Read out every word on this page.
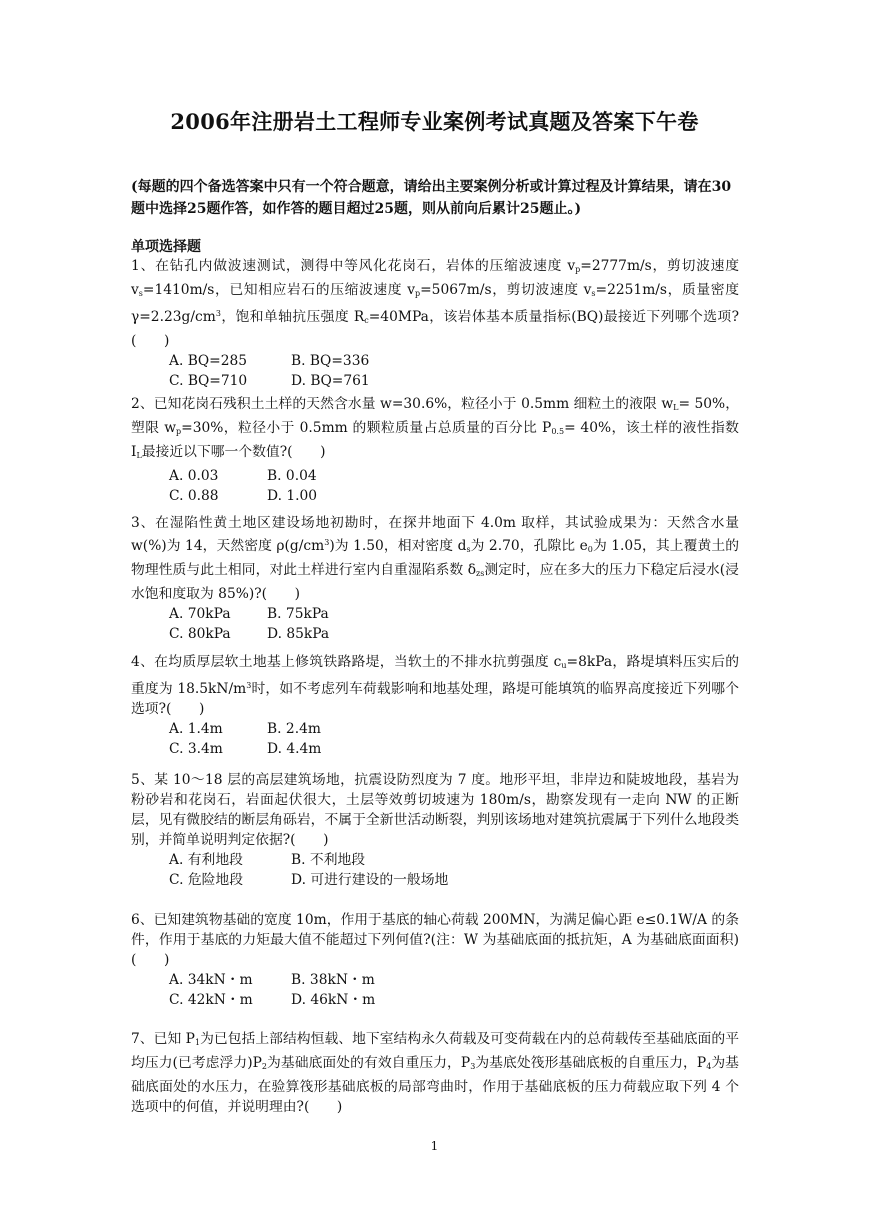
2006年注册岩土工程师专业案例考试真题及答案下午卷
(每题的四个备选答案中只有一个符合题意，请给出主要案例分析或计算过程及计算结果，请在30题中选择25题作答，如作答的题目超过25题，则从前向后累计25题止。)
单项选择题
1、在钻孔内做波速测试，测得中等风化花岗石，岩体的压缩波速度 $v_p=2777m/s$，剪切波速度 $v_s=1410m/s$，已知相应岩石的压缩波速度 $v_p=5067m/s$，剪切波速度 $v_s=2251m/s$，质量密度 $\gamma=2.23g/cm^3$，饱和单轴抗压强度 $R_c=40MPa$，该岩体基本质量指标(BQ)最接近下列哪个选项?(　　)
A. BQ=285	B. BQ=336
C. BQ=710	D. BQ=761
2、已知花岗石残积土土样的天然含水量 w=30.6%，粒径小于 0.5mm 细粒土的液限 $w_L= 50\%$，塑限 $w_p=30\%$，粒径小于 0.5mm 的颗粒质量占总质量的百分比 $P_{0.5}= 40\%$，该土样的液性指数 $I_L$最接近以下哪一个数值?(　　)
A. 0.03	B. 0.04
C. 0.88	D. 1.00
3、在湿陷性黄土地区建设场地初勘时，在探井地面下 4.0m 取样，其试验成果为：天然含水量 w(%)为 14，天然密度 $\rho(g/cm^3)$为 1.50，相对密度 $d_s$为 2.70，孔隙比 $e_0$为 1.05，其上覆黄土的物理性质与此土相同，对此土样进行室内自重湿陷系数 $\delta_{zs}$测定时，应在多大的压力下稳定后浸水(浸水饱和度取为 85%)?(　　)
A. 70kPa	B. 75kPa
C. 80kPa	D. 85kPa
4、在均质厚层软土地基上修筑铁路路堤，当软土的不排水抗剪强度 $c_u=8kPa$，路堤填料压实后的重度为 $18.5kN/m^3$时，如不考虑列车荷载影响和地基处理，路堤可能填筑的临界高度接近下列哪个选项?(　　)
A. 1.4m	B. 2.4m
C. 3.4m	D. 4.4m
5、某 10～18 层的高层建筑场地，抗震设防烈度为 7 度。地形平坦，非岸边和陡坡地段，基岩为粉砂岩和花岗石，岩面起伏很大，土层等效剪切坡速为 180m/s，勘察发现有一走向 NW 的正断层，见有微胶结的断层角砾岩，不属于全新世活动断裂，判别该场地对建筑抗震属于下列什么地段类别，并简单说明判定依据?(　　)
A. 有利地段	B. 不利地段
C. 危险地段	D. 可进行建设的一般场地
6、已知建筑物基础的宽度 10m，作用于基底的轴心荷载 200MN，为满足偏心距 e≤0.1W/A 的条件，作用于基底的力矩最大值不能超过下列何值?(注：W 为基础底面的抵抗矩，A 为基础底面面积)(　　)
A. 34kN・m	B. 38kN・m
C. 42kN・m	D. 46kN・m
7、已知 $P_1$为已包括上部结构恒载、地下室结构永久荷载及可变荷载在内的总荷载传至基础底面的平均压力(已考虑浮力)$P_2$为基础底面处的有效自重压力，$P_3$为基底处筏形基础底板的自重压力，$P_4$为基础底面处的水压力，在验算筏形基础底板的局部弯曲时，作用于基础底板的压力荷载应取下列 4 个选项中的何值，并说明理由?(　　)
1
